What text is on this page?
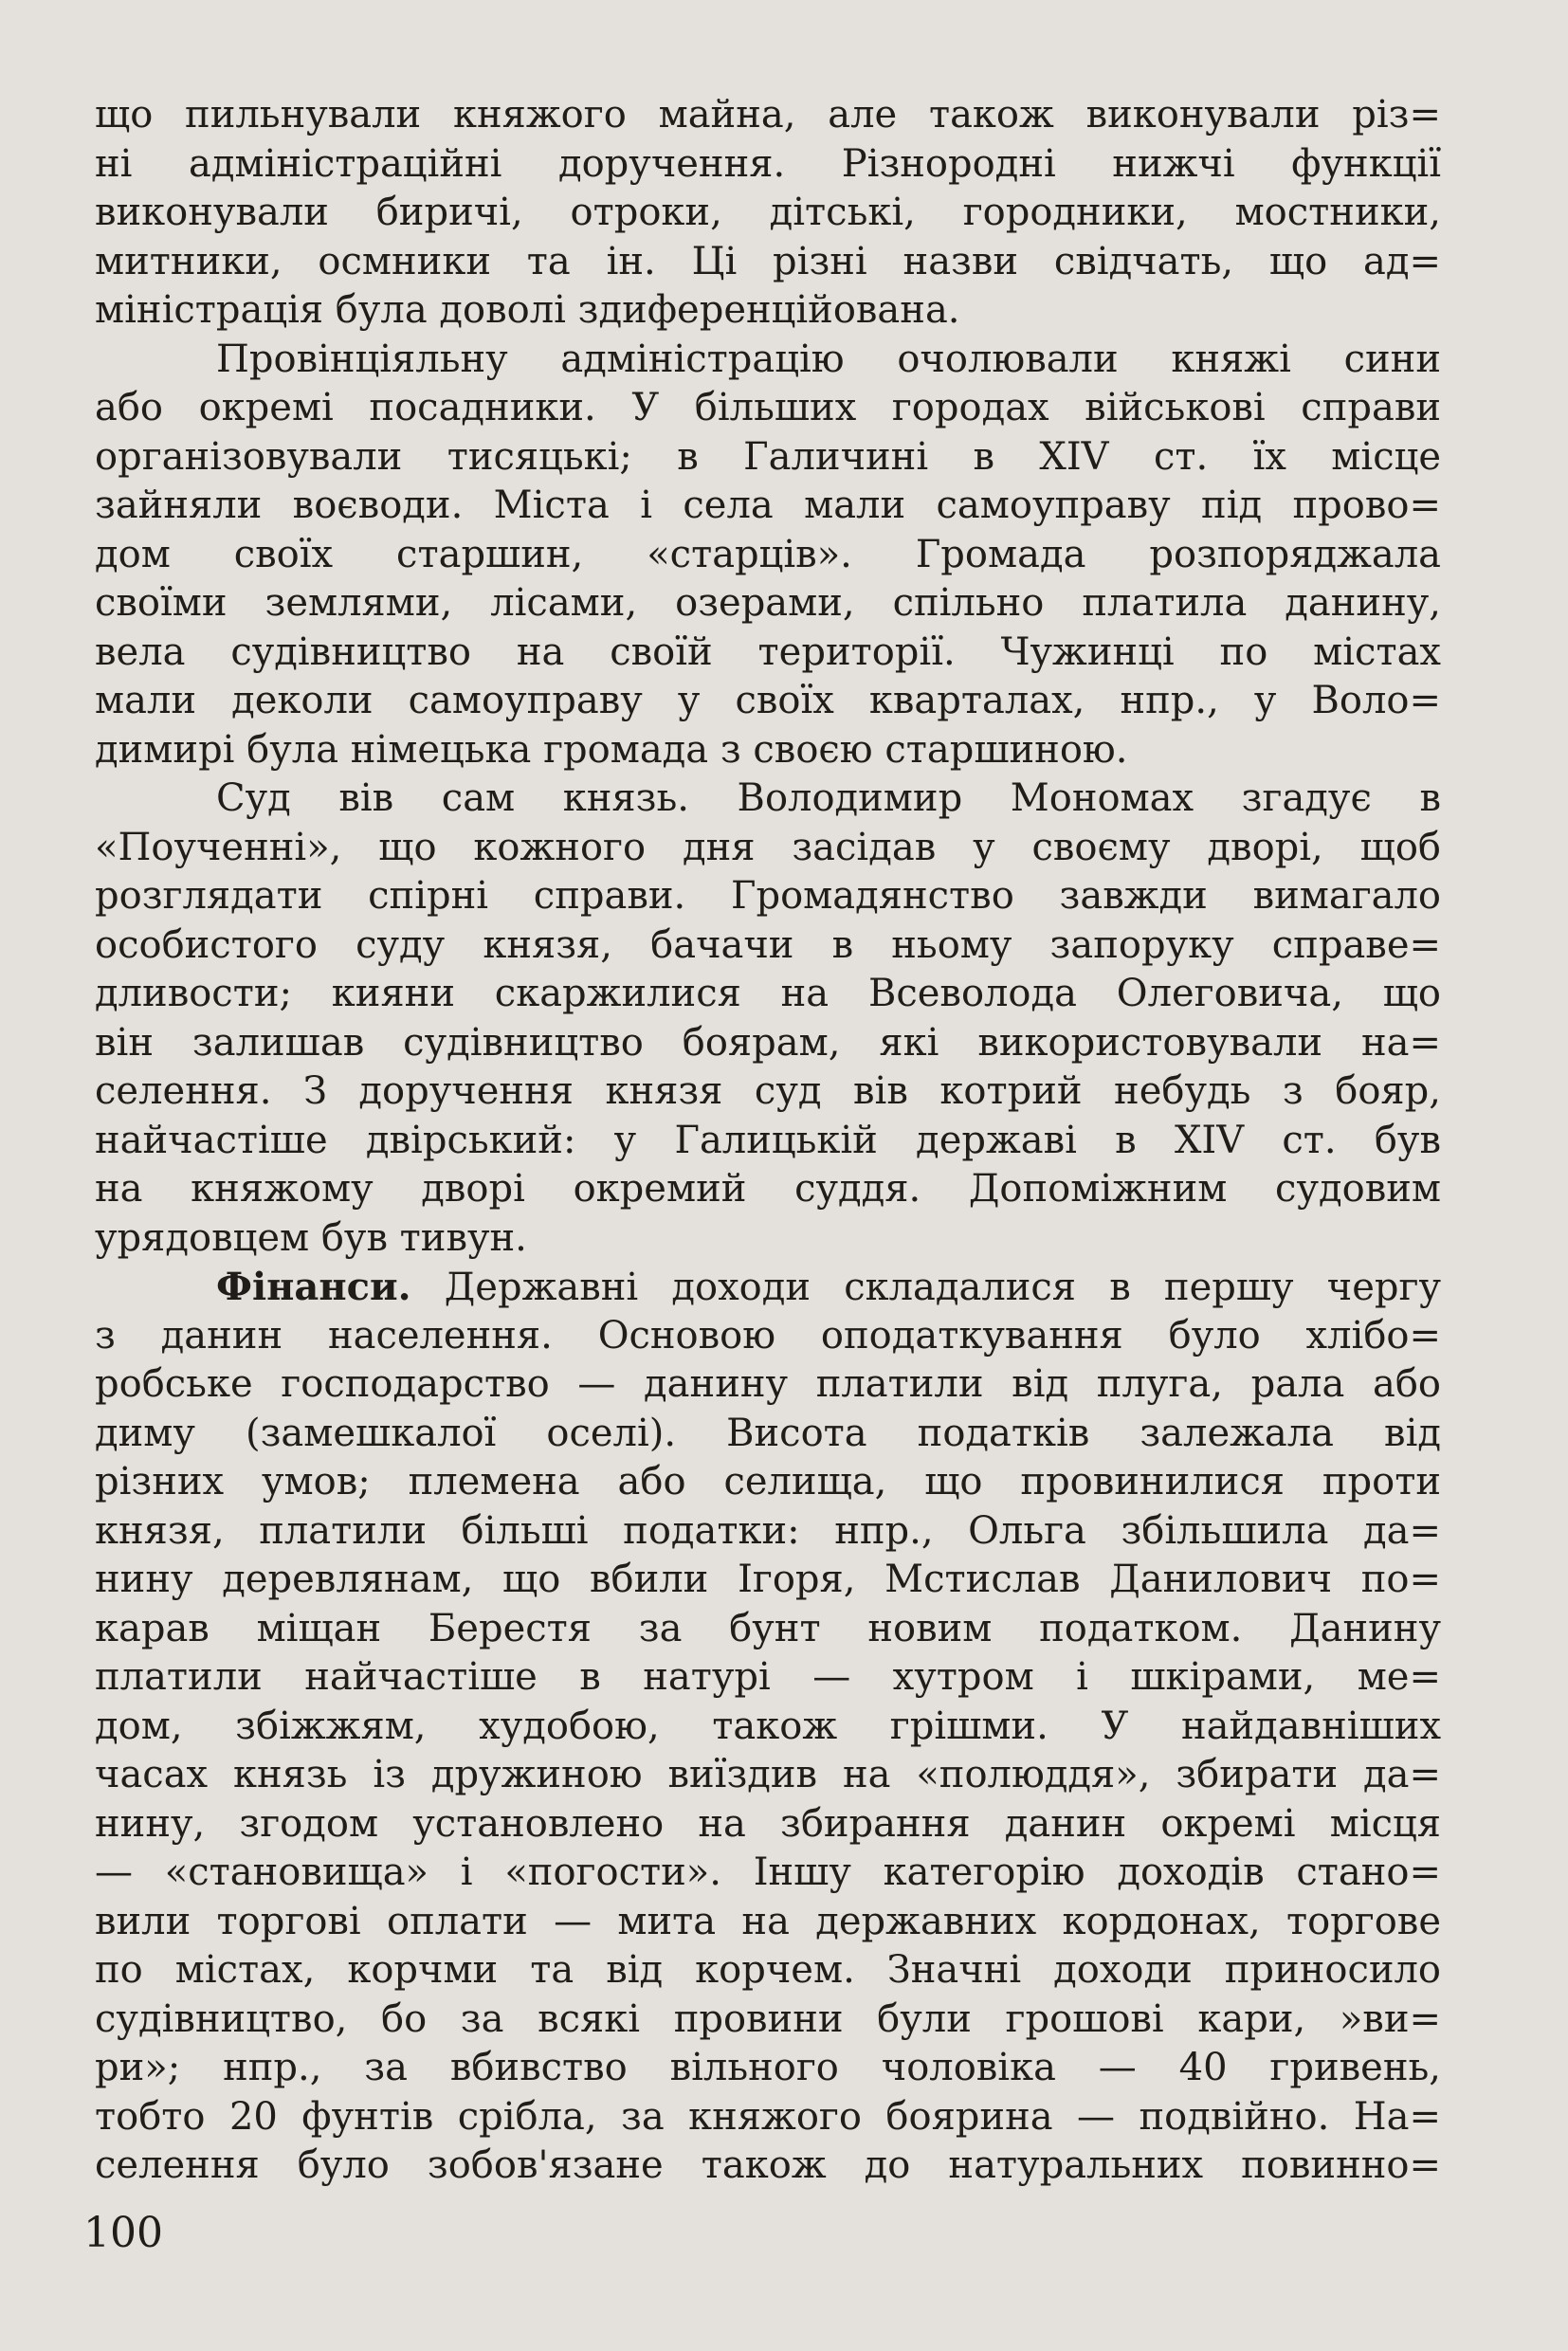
що пильнували княжого майна, але також виконували різ=
ні адміністраційні доручення. Різнородні нижчі функції
виконували биричі, отроки, дітські, городники, мостники,
митники, осмники та ін. Ці різні назви свідчать, що ад=
міністрація була доволі здиференційована.
Провінціяльну адміністрацію очолювали княжі сини
або окремі посадники. У більших городах військові справи
організовували тисяцькі; в Галичині в XIV ст. їх місце
зайняли воєводи. Міста і села мали самоуправу під прово=
дом своїх старшин, «старців». Громада розпоряджала
своїми землями, лісами, озерами, спільно платила данину,
вела судівництво на своїй території. Чужинці по містах
мали деколи самоуправу у своїх кварталах, нпр., у Воло=
димирі була німецька громада з своєю старшиною.
Суд вів сам князь. Володимир Мономах згадує в
«Поученні», що кожного дня засідав у своєму дворі, щоб
розглядати спірні справи. Громадянство завжди вимагало
особистого суду князя, бачачи в ньому запоруку справе=
дливости; кияни скаржилися на Всеволода Олеговича, що
він залишав судівництво боярам, які використовували на=
селення. З доручення князя суд вів котрий небудь з бояр,
найчастіше двірський: у Галицькій державі в XIV ст. був
на княжому дворі окремий суддя. Допоміжним судовим
урядовцем був тивун.
Фінанси. Державні доходи складалися в першу чергу
з данин населення. Основою оподаткування було хлібо=
робське господарство — данину платили від плуга, рала або
диму (замешкалої оселі). Висота податків залежала від
різних умов; племена або селища, що провинилися проти
князя, платили більші податки: нпр., Ольга збільшила да=
нину деревлянам, що вбили Ігоря, Мстислав Данилович по=
карав міщан Берестя за бунт новим податком. Данину
платили найчастіше в натурі — хутром і шкірами, ме=
дом, збіжжям, худобою, також грішми. У найдавніших
часах князь із дружиною виїздив на «полюддя», збирати да=
нину, згодом установлено на збирання данин окремі місця
— «становища» і «погости». Іншу категорію доходів стано=
вили торгові оплати — мита на державних кордонах, торгове
по містах, корчми та від корчем. Значні доходи приносило
судівництво, бо за всякі провини були грошові кари, »ви=
ри»; нпр., за вбивство вільного чоловіка — 40 гривень,
тобто 20 фунтів срібла, за княжого боярина — подвійно. На=
селення було зобов'язане також до натуральних повинно=
100
